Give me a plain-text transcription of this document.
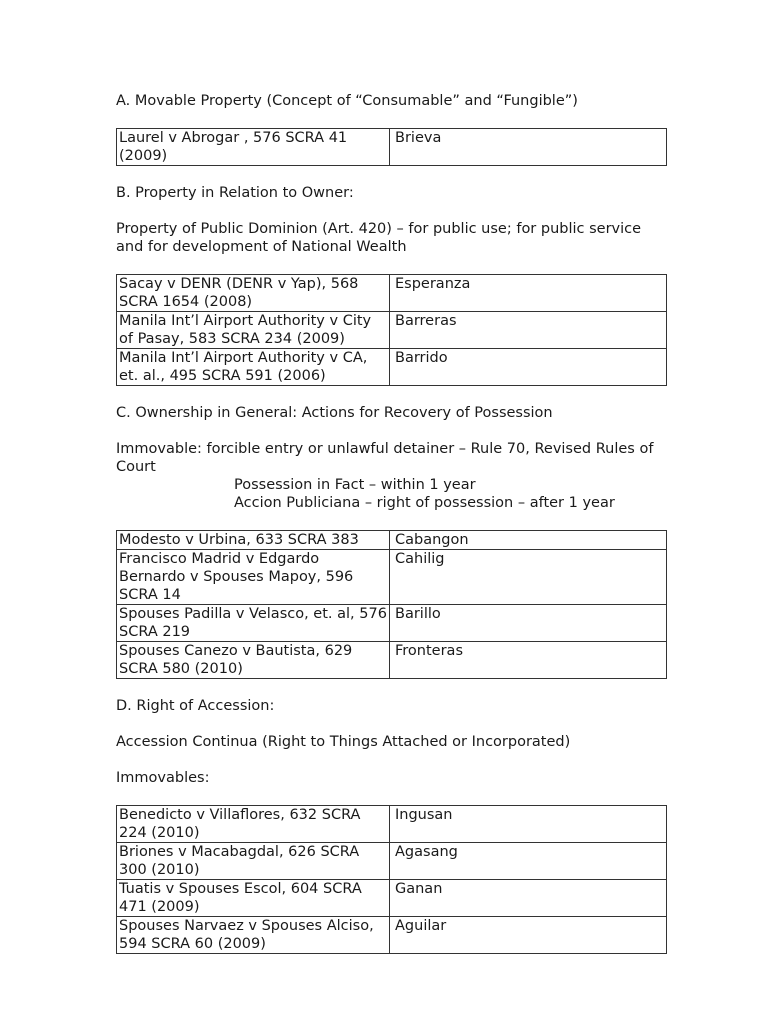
A. Movable Property (Concept of “Consumable” and “Fungible”)

Laurel v Abrogar , 576 SCRA 41 (2009)	Brieva

B. Property in Relation to Owner:

Property of Public Dominion (Art. 420) – for public use; for public service and for development of National Wealth

Sacay v DENR (DENR v Yap), 568 SCRA 1654 (2008)	Esperanza
Manila Int’l Airport Authority v City of Pasay, 583 SCRA 234 (2009)	Barreras
Manila Int’l Airport Authority v CA, et. al., 495 SCRA 591 (2006)	Barrido

C. Ownership in General: Actions for Recovery of Possession

Immovable: forcible entry or unlawful detainer – Rule 70, Revised Rules of Court

Possession in Fact – within 1 year

Accion Publiciana – right of possession – after 1 year

Modesto v Urbina, 633 SCRA 383	Cabangon
Francisco Madrid v Edgardo Bernardo v Spouses Mapoy, 596 SCRA 14	Cahilig
Spouses Padilla v Velasco, et. al, 576 SCRA 219	Barillo
Spouses Canezo v Bautista, 629 SCRA 580 (2010)	Fronteras

D. Right of Accession:

Accession Continua (Right to Things Attached or Incorporated)

Immovables:

Benedicto v Villaflores, 632 SCRA 224 (2010)	Ingusan
Briones v Macabagdal, 626 SCRA 300 (2010)	Agasang
Tuatis v Spouses Escol, 604 SCRA 471 (2009)	Ganan
Spouses Narvaez v Spouses Alciso, 594 SCRA 60 (2009)	Aguilar
